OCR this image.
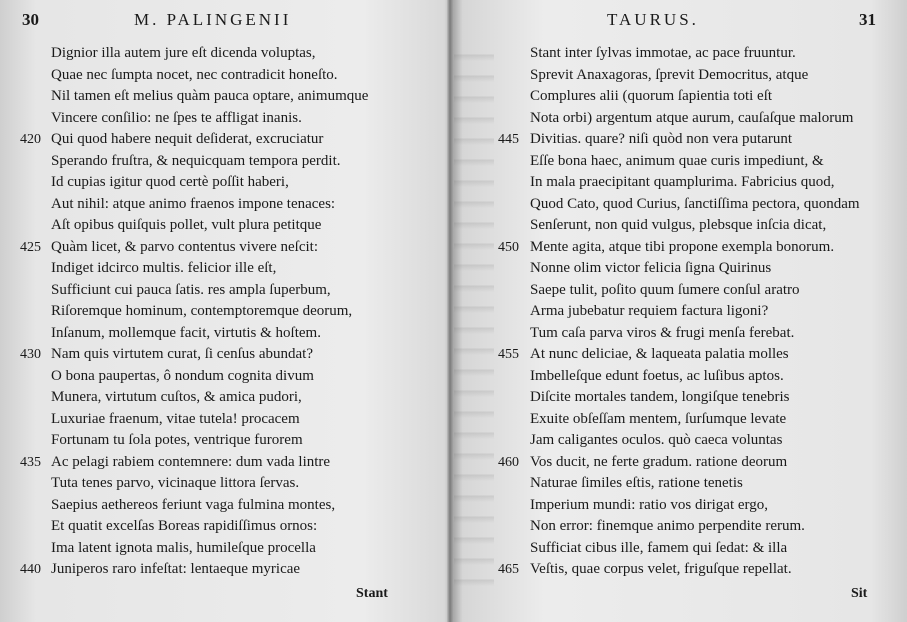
30	M. PALINGENII
Dignior illa autem jure eſt dicenda voluptas,
Quae nec ſumpta nocet, nec contradicit honeſto.
Nil tamen eſt melius quàm pauca optare, animumque
Vincere conſilio: ne ſpes te affligat inanis.
Qui quod habere nequit deſiderat, excruciatur
Sperando fruſtra, & nequicquam tempora perdit.
Id cupias igitur quod certè poſſit haberi,
Aut nihil: atque animo fraenos impone tenaces:
Aſt opibus quiſquis pollet, vult plura petitque
Quàm licet, & parvo contentus vivere neſcit:
Indiget idcirco multis. felicior ille eſt,
Sufficiunt cui pauca ſatis. res ampla ſuperbum,
Riſoremque hominum, contemptoremque deorum,
Inſanum, mollemque facit, virtutis & hoſtem.
Nam quis virtutem curat, ſi cenſus abundat?
O bona paupertas, ô nondum cognita divum
Munera, virtutum cuſtos, & amica pudori,
Luxuriae fraenum, vitae tutela! procacem
Fortunam tu ſola potes, ventrique furorem
Ac pelagi rabiem contemnere: dum vada lintre
Tuta tenes parvo, vicinaque littora ſervas.
Saepius aethereos feriunt vaga fulmina montes,
Et quatit excelſas Boreas rapidiſſimus ornos:
Ima latent ignota malis, humileſque procella
Juniperos raro infeſtat: lentaeque myricae
420
425
430
435
440
Stant
TAURUS.	31
Stant inter ſylvas immotae, ac pace fruuntur.
Sprevit Anaxagoras, ſprevit Democritus, atque
Complures alii (quorum ſapientia toti eſt
Nota orbi) argentum atque aurum, cauſaſque malorum
Divitias. quare? niſi quòd non vera putarunt
Eſſe bona haec, animum quae curis impediunt, &
In mala praecipitant quamplurima. Fabricius quod,
Quod Cato, quod Curius, ſanctiſſima pectora, quondam
Senſerunt, non quid vulgus, plebsque inſcia dicat,
Mente agita, atque tibi propone exempla bonorum.
Nonne olim victor felicia ſigna Quirinus
Saepe tulit, poſito quum ſumere conſul aratro
Arma jubebatur requiem factura ligoni?
Tum caſa parva viros & frugi menſa ferebat.
At nunc deliciae, & laqueata palatia molles
Imbelleſque edunt foetus, ac luſibus aptos.
Diſcite mortales tandem, longiſque tenebris
Exuite obſeſſam mentem, ſurſumque levate
Jam caligantes oculos. quò caeca voluntas
Vos ducit, ne ferte gradum. ratione deorum
Naturae ſimiles eſtis, ratione tenetis
Imperium mundi: ratio vos dirigat ergo,
Non error: finemque animo perpendite rerum.
Sufficiat cibus ille, famem qui ſedat: & illa
Veſtis, quae corpus velet, friguſque repellat.
445
450
455
460
465
Sit
